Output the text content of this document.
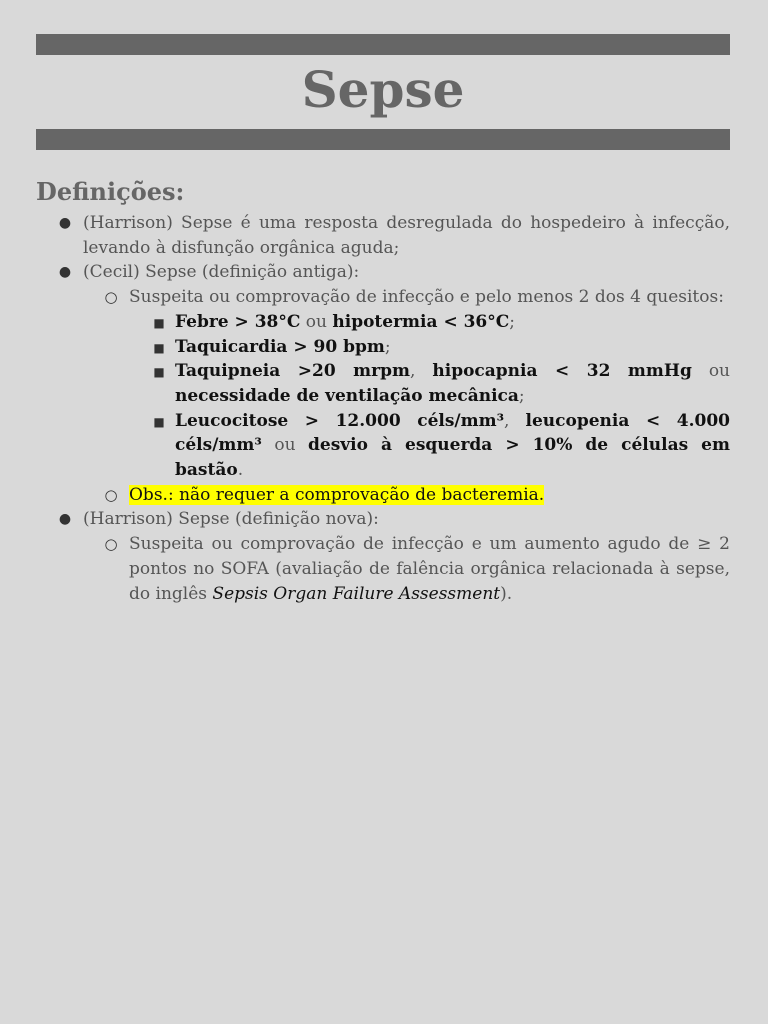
Sepse
Definições:
● (Harrison) Sepse é uma resposta desregulada do hospedeiro à infecção, levando à disfunção orgânica aguda;
● (Cecil) Sepse (definição antiga):
○ Suspeita ou comprovação de infecção e pelo menos 2 dos 4 quesitos:
■ Febre > 38°C ou hipotermia < 36°C;
■ Taquicardia > 90 bpm;
■ Taquipneia >20 mrpm, hipocapnia < 32 mmHg ou necessidade de ventilação mecânica;
■ Leucocitose > 12.000 céls/mm³, leucopenia < 4.000 céls/mm³ ou desvio à esquerda > 10% de células em bastão.
○ Obs.: não requer a comprovação de bacteremia.
● (Harrison) Sepse (definição nova):
○ Suspeita ou comprovação de infecção e um aumento agudo de ≥ 2 pontos no SOFA (avaliação de falência orgânica relacionada à sepse, do inglês Sepsis Organ Failure Assessment).
